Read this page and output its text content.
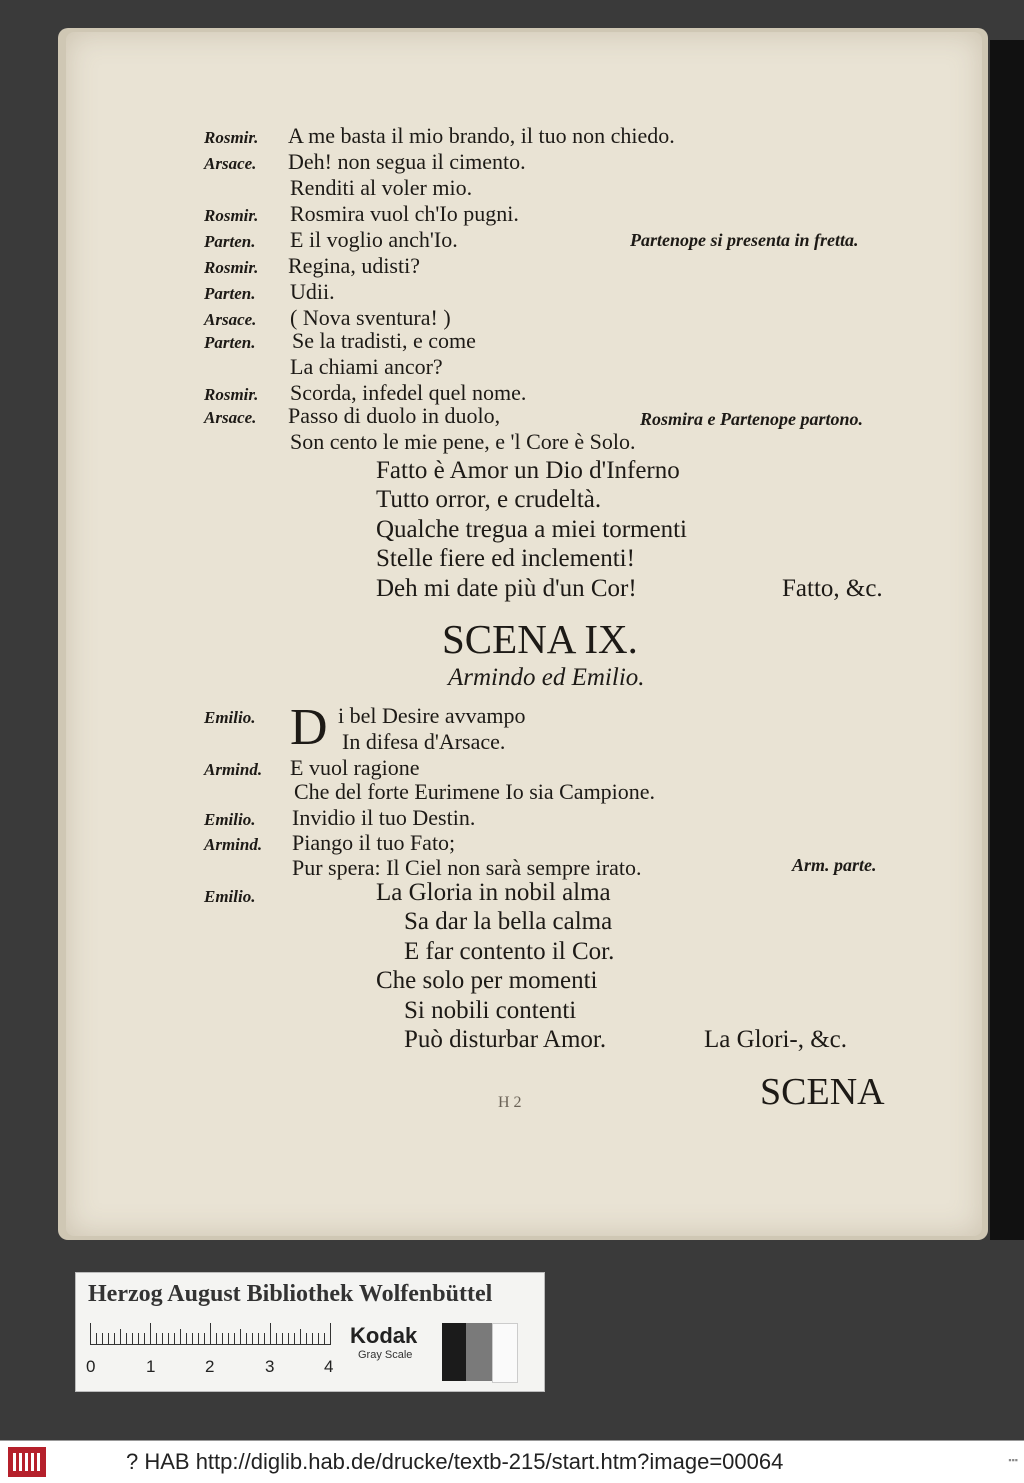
Rosmir. A me basta il mio brando, il tuo non chiedo.
Arsace. Deh! non segua il cimento.
Renditi al voler mio.
Rosmir. Rosmira vuol ch'Io pugni.
Parten. E il voglio anch'Io.	Partenope si presenta in fretta.
Rosmir. Regina, udisti?
Parten. Udii.
Arsace. ( Nova sventura! )
Parten. Se la tradisti, e come
La chiami ancor?
Rosmir. Scorda, infedel quel nome.
Arsace. Passo di duolo in duolo,	Rosmira e Partenope partono.
Son cento le mie pene, e 'l Core è Solo.
Fatto è Amor un Dio d'Inferno
Tutto orror, e crudeltà.
Qualche tregua a miei tormenti
Stelle fiere ed inclementi!
Deh mi date più d'un Cor!	Fatto, &c.
SCENA IX.
Armindo ed Emilio.
Emilio. D i bel Desire avvampo
In difesa d'Arsace.
Armind. E vuol ragione
Che del forte Eurimene Io sia Campione.
Emilio. Invidio il tuo Destin.
Armind. Piango il tuo Fato;
Pur spera: Il Ciel non sarà sempre irato.	Arm. parte.
Emilio.	La Gloria in nobil alma
Sa dar la bella calma
E far contento il Cor.
Che solo per momenti
Si nobili contenti
Può disturbar Amor.	La Glori-, &c.
H 2	SCENA
Herzog August Bibliothek Wolfenbüttel
0	1	2	3	4
Kodak
Gray Scale
? HAB http://diglib.hab.de/drucke/textb-215/start.htm?image=00064	▪▪▪
